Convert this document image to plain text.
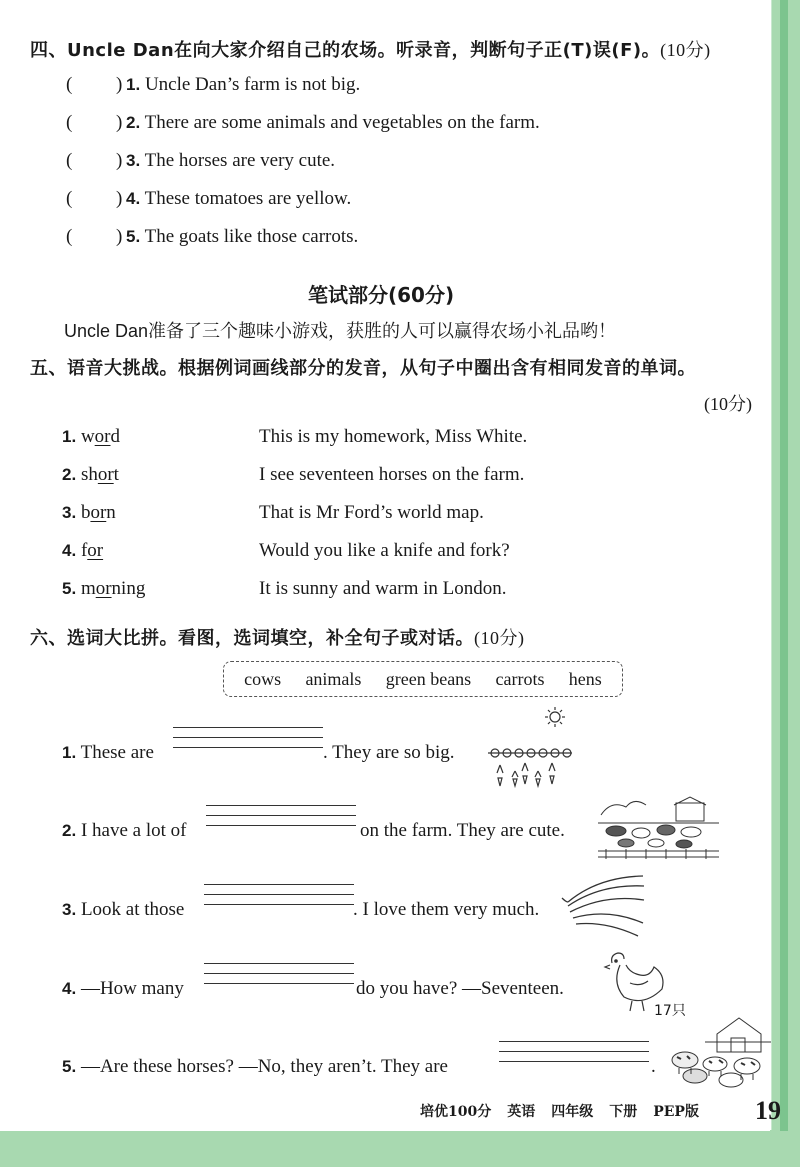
四、Uncle Dan在向大家介绍自己的农场。听录音，判断句子正(T)误(F)。(10分)
( ) 1. Uncle Dan’s farm is not big.
( ) 2. There are some animals and vegetables on the farm.
( ) 3. The horses are very cute.
( ) 4. These tomatoes are yellow.
( ) 5. The goats like those carrots.
笔试部分(60分)
Uncle Dan准备了三个趣味小游戏，获胜的人可以赢得农场小礼品哟！
五、语音大挑战。根据例词画线部分的发音，从句子中圈出含有相同发音的单词。
(10分)
1. word	This is my homework, Miss White.
2. short	I see seventeen horses on the farm.
3. born	That is Mr Ford’s world map.
4. for	Would you like a knife and fork?
5. morning	It is sunny and warm in London.
六、选词大比拼。看图，选词填空，补全句子或对话。(10分)
cows animals green beans carrots hens
1. These are	. They are so big.
2. I have a lot of	on the farm. They are cute.
3. Look at those	. I love them very much.
4. —How many	do you have? —Seventeen.
5. —Are these horses? —No, they aren’t. They are	.
17只
培优100分 英语 四年级 下册 PEP版	19
